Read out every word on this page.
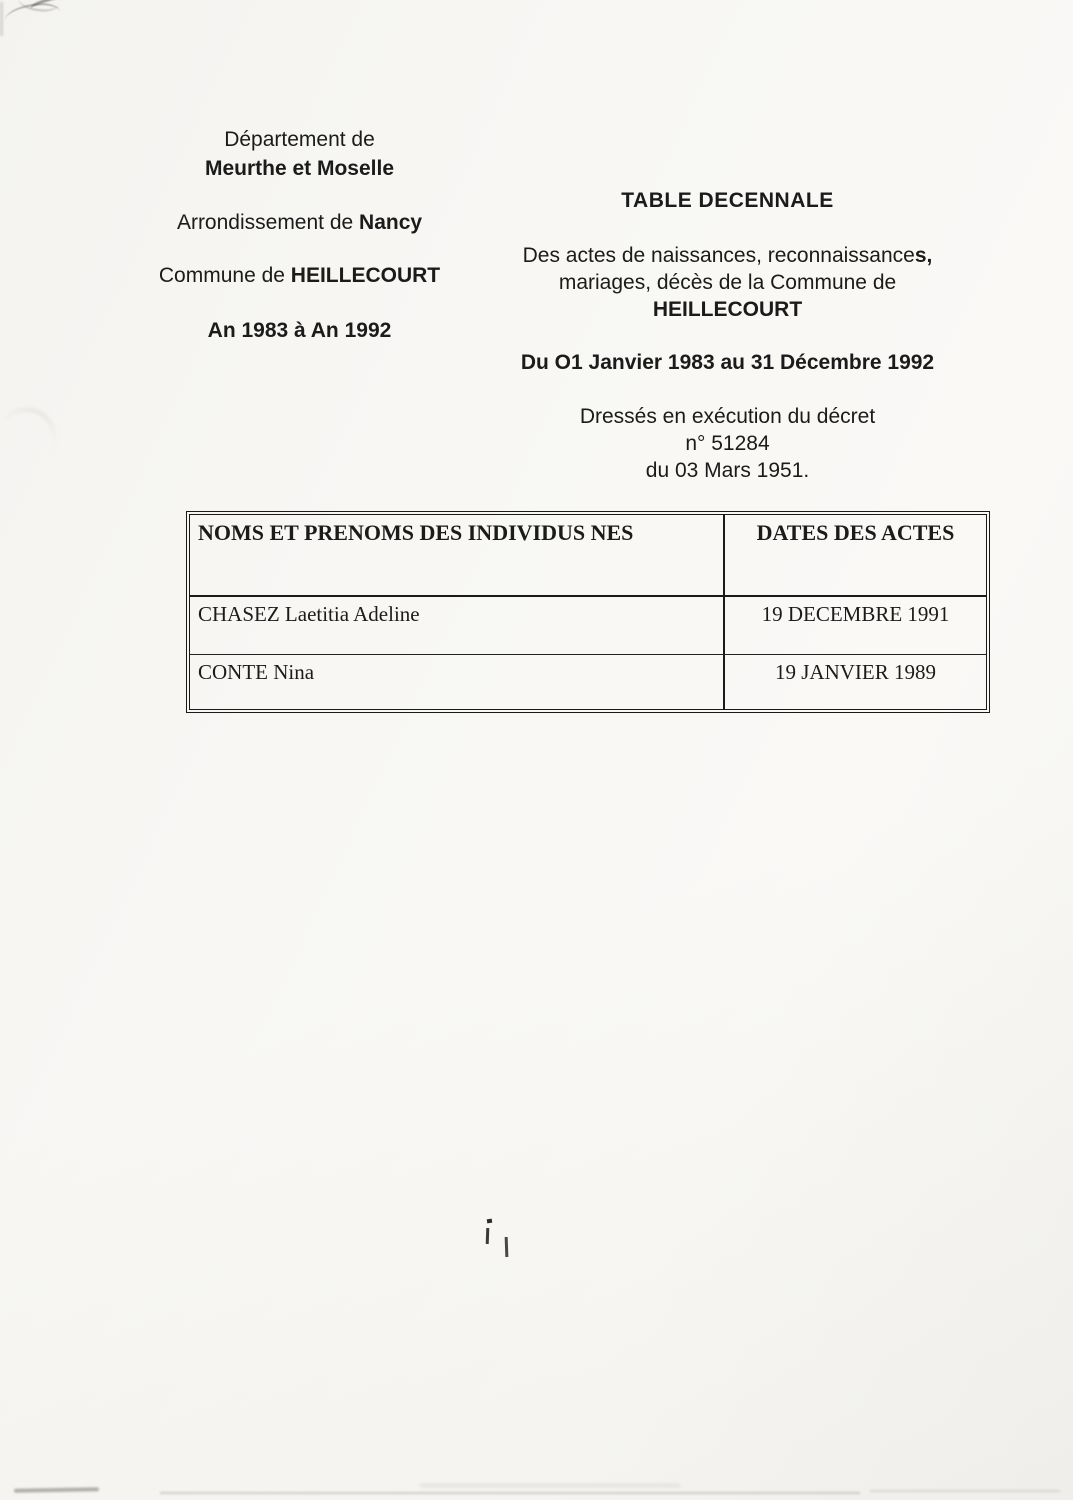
Département de

Meurthe et Moselle

Arrondissement de Nancy

Commune de HEILLECOURT

An 1983 à An 1992

TABLE DECENNALE

Des actes de naissances, reconnaissances,

mariages, décès de la Commune de

HEILLECOURT

Du O1 Janvier 1983 au 31 Décembre 1992

Dressés en exécution du décret

n° 51284

du 03 Mars 1951.

NOMS ET PRENOMS DES INDIVIDUS NES	DATES DES ACTES
CHASEZ Laetitia Adeline	19 DECEMBRE 1991
CONTE Nina	19 JANVIER 1989
